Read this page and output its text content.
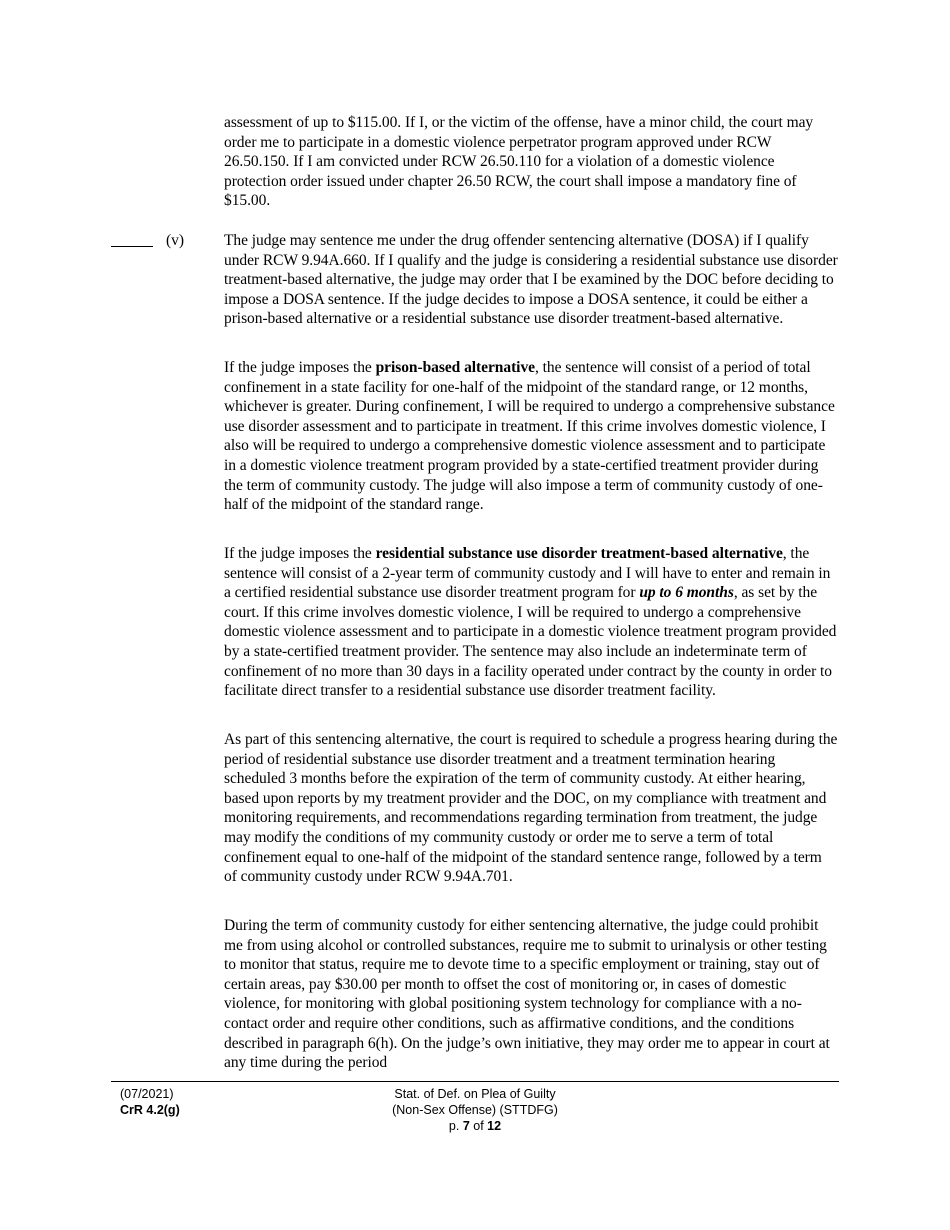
assessment of up to $115.00. If I, or the victim of the offense, have a minor child, the court may order me to participate in a domestic violence perpetrator program approved under RCW 26.50.150. If I am convicted under RCW 26.50.110 for a violation of a domestic violence protection order issued under chapter 26.50 RCW, the court shall impose a mandatory fine of $15.00.
(v)	The judge may sentence me under the drug offender sentencing alternative (DOSA) if I qualify under RCW 9.94A.660. If I qualify and the judge is considering a residential substance use disorder treatment-based alternative, the judge may order that I be examined by the DOC before deciding to impose a DOSA sentence. If the judge decides to impose a DOSA sentence, it could be either a prison-based alternative or a residential substance use disorder treatment-based alternative.
If the judge imposes the prison-based alternative, the sentence will consist of a period of total confinement in a state facility for one-half of the midpoint of the standard range, or 12 months, whichever is greater. During confinement, I will be required to undergo a comprehensive substance use disorder assessment and to participate in treatment. If this crime involves domestic violence, I also will be required to undergo a comprehensive domestic violence assessment and to participate in a domestic violence treatment program provided by a state-certified treatment provider during the term of community custody. The judge will also impose a term of community custody of one-half of the midpoint of the standard range.
If the judge imposes the residential substance use disorder treatment-based alternative, the sentence will consist of a 2-year term of community custody and I will have to enter and remain in a certified residential substance use disorder treatment program for up to 6 months, as set by the court. If this crime involves domestic violence, I will be required to undergo a comprehensive domestic violence assessment and to participate in a domestic violence treatment program provided by a state-certified treatment provider. The sentence may also include an indeterminate term of confinement of no more than 30 days in a facility operated under contract by the county in order to facilitate direct transfer to a residential substance use disorder treatment facility.
As part of this sentencing alternative, the court is required to schedule a progress hearing during the period of residential substance use disorder treatment and a treatment termination hearing scheduled 3 months before the expiration of the term of community custody. At either hearing, based upon reports by my treatment provider and the DOC, on my compliance with treatment and monitoring requirements, and recommendations regarding termination from treatment, the judge may modify the conditions of my community custody or order me to serve a term of total confinement equal to one-half of the midpoint of the standard sentence range, followed by a term of community custody under RCW 9.94A.701.
During the term of community custody for either sentencing alternative, the judge could prohibit me from using alcohol or controlled substances, require me to submit to urinalysis or other testing to monitor that status, require me to devote time to a specific employment or training, stay out of certain areas, pay $30.00 per month to offset the cost of monitoring or, in cases of domestic violence, for monitoring with global positioning system technology for compliance with a no-contact order and require other conditions, such as affirmative conditions, and the conditions described in paragraph 6(h). On the judge’s own initiative, they may order me to appear in court at any time during the period
(07/2021)
CrR 4.2(g)
Stat. of Def. on Plea of Guilty
(Non-Sex Offense) (STTDFG)
p. 7 of 12
